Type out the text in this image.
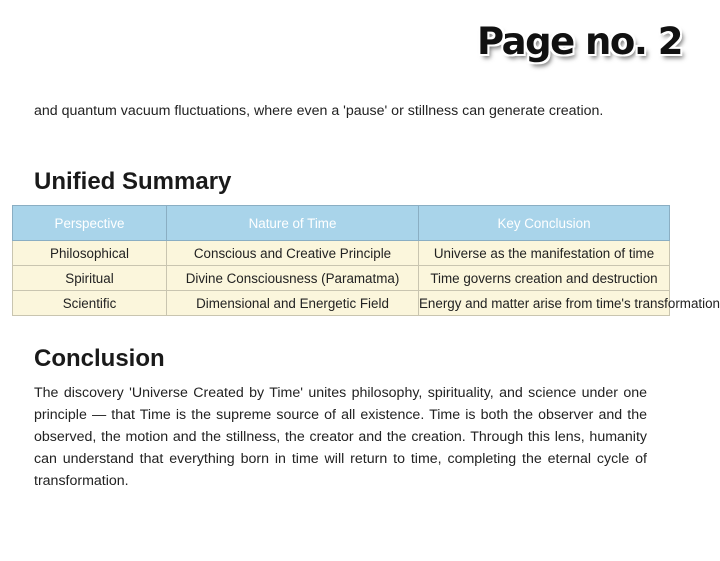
Page no. 2

and quantum vacuum fluctuations, where even a 'pause' or stillness can generate creation.

Unified Summary
Perspective	Nature of Time	Key Conclusion
Philosophical	Conscious and Creative Principle	Universe as the manifestation of time
Spiritual	Divine Consciousness (Paramatma)	Time governs creation and destruction
Scientific	Dimensional and Energetic Field	Energy and matter arise from time's transformation
Conclusion

The discovery 'Universe Created by Time' unites philosophy, spirituality, and science under one principle — that Time is the supreme source of all existence. Time is both the observer and the observed, the motion and the stillness, the creator and the creation. Through this lens, humanity can understand that everything born in time will return to time, completing the eternal cycle of transformation.
